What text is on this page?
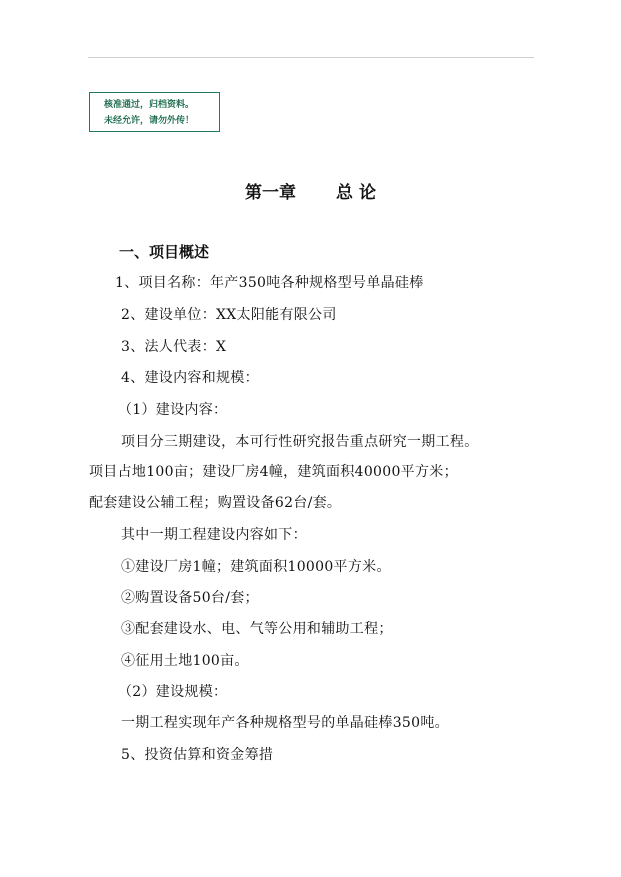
核准通过，归档资料。
未经允许，请勿外传！
第一章 总 论
一、项目概述
1、项目名称：年产350吨各种规格型号单晶硅棒
2、建设单位：XX太阳能有限公司
3、法人代表：X
4、建设内容和规模：
（1）建设内容：
项目分三期建设，本可行性研究报告重点研究一期工程。
项目占地100亩；建设厂房4幢，建筑面积40000平方米；
配套建设公辅工程；购置设备62台/套。
其中一期工程建设内容如下：
①建设厂房1幢；建筑面积10000平方米。
②购置设备50台/套；
③配套建设水、电、气等公用和辅助工程；
④征用土地100亩。
（2）建设规模：
一期工程实现年产各种规格型号的单晶硅棒350吨。
5、投资估算和资金筹措
